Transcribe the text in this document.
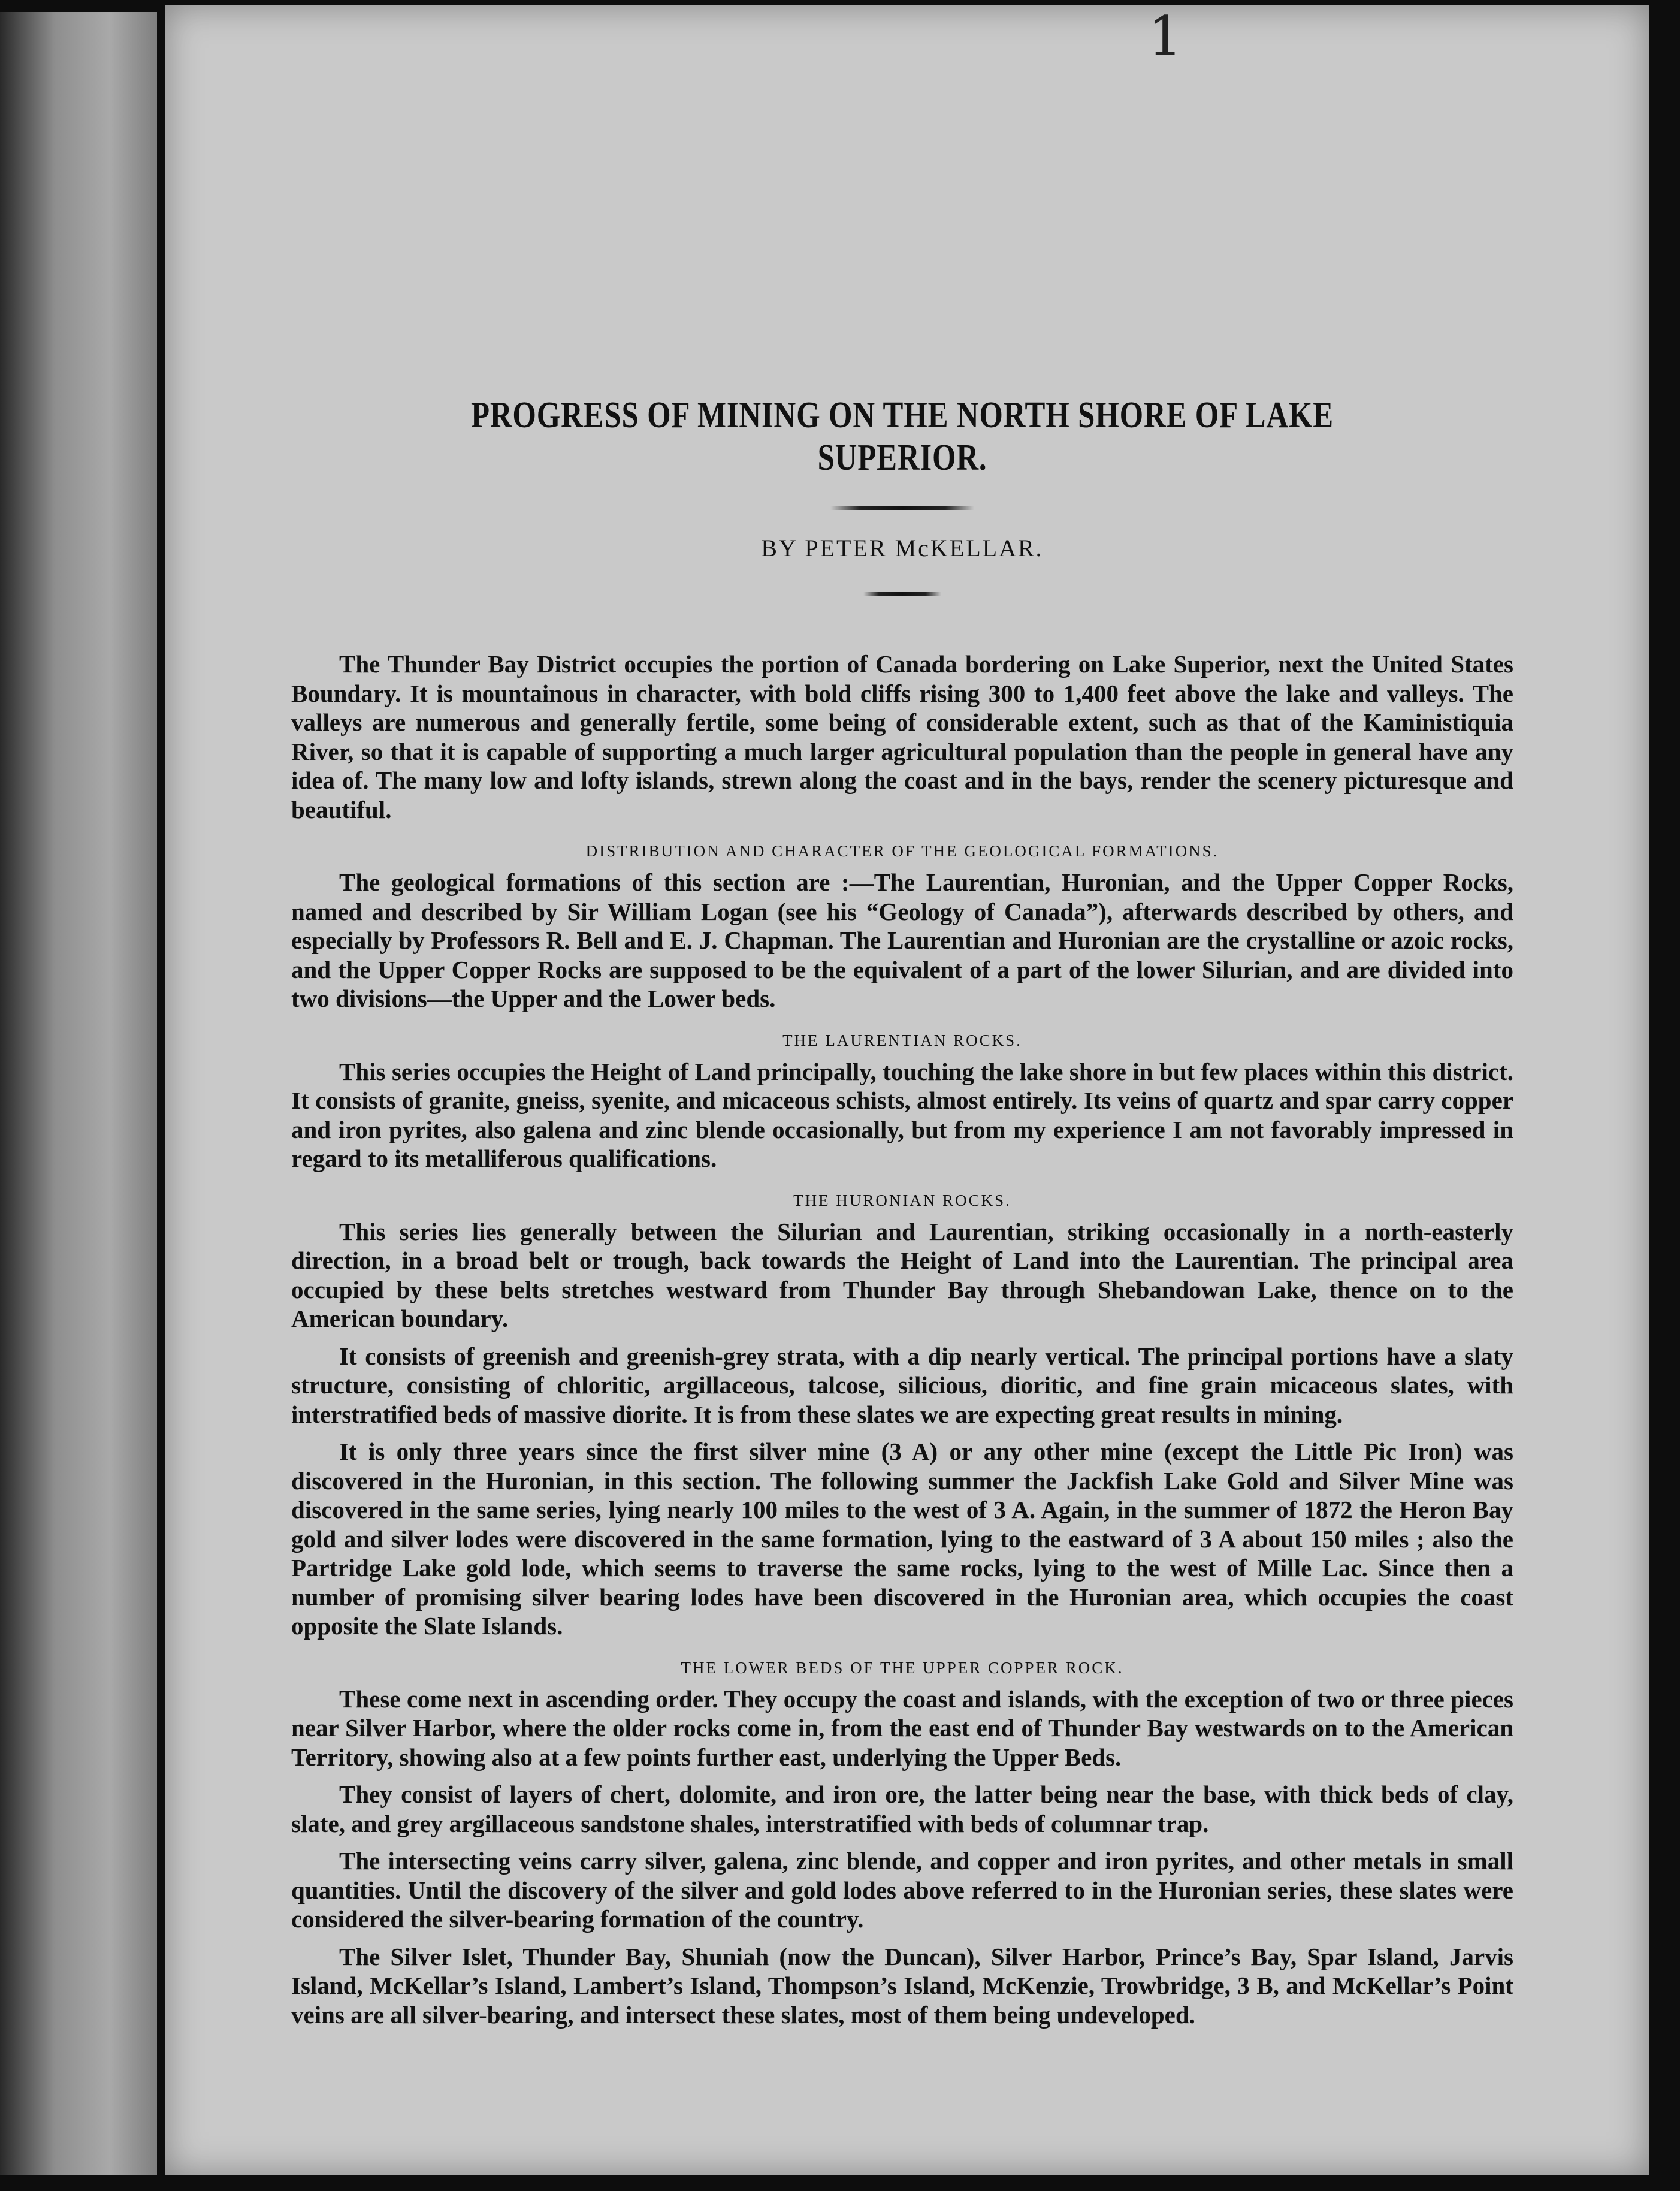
1
PROGRESS OF MINING ON THE NORTH SHORE OF LAKE SUPERIOR.

BY PETER McKELLAR.

The Thunder Bay District occupies the portion of Canada bordering on Lake Superior, next the United States Boundary. It is mountainous in character, with bold cliffs rising 300 to 1,400 feet above the lake and valleys. The valleys are numerous and generally fertile, some being of considerable extent, such as that of the Kaministiquia River, so that it is capable of supporting a much larger agricultural population than the people in general have any idea of. The many low and lofty islands, strewn along the coast and in the bays, render the scenery picturesque and beautiful.

DISTRIBUTION AND CHARACTER OF THE GEOLOGICAL FORMATIONS.

The geological formations of this section are :—The Laurentian, Huronian, and the Upper Copper Rocks, named and described by Sir William Logan (see his “Geology of Canada”), afterwards described by others, and especially by Professors R. Bell and E. J. Chapman. The Laurentian and Huronian are the crystalline or azoic rocks, and the Upper Copper Rocks are supposed to be the equivalent of a part of the lower Silurian, and are divided into two divisions—the Upper and the Lower beds.

THE LAURENTIAN ROCKS.

This series occupies the Height of Land principally, touching the lake shore in but few places within this district. It consists of granite, gneiss, syenite, and micaceous schists, almost entirely. Its veins of quartz and spar carry copper and iron pyrites, also galena and zinc blende occasionally, but from my experience I am not favorably impressed in regard to its metalliferous qualifications.

THE HURONIAN ROCKS.

This series lies generally between the Silurian and Laurentian, striking occasionally in a north-easterly direction, in a broad belt or trough, back towards the Height of Land into the Laurentian. The principal area occupied by these belts stretches westward from Thunder Bay through Shebandowan Lake, thence on to the American boundary.

It consists of greenish and greenish-grey strata, with a dip nearly vertical. The principal portions have a slaty structure, consisting of chloritic, argillaceous, talcose, silicious, dioritic, and fine grain micaceous slates, with interstratified beds of massive diorite. It is from these slates we are expecting great results in mining.

It is only three years since the first silver mine (3 A) or any other mine (except the Little Pic Iron) was discovered in the Huronian, in this section. The following summer the Jackfish Lake Gold and Silver Mine was discovered in the same series, lying nearly 100 miles to the west of 3 A. Again, in the summer of 1872 the Heron Bay gold and silver lodes were discovered in the same formation, lying to the eastward of 3 A about 150 miles ; also the Partridge Lake gold lode, which seems to traverse the same rocks, lying to the west of Mille Lac. Since then a number of promising silver bearing lodes have been discovered in the Huronian area, which occupies the coast opposite the Slate Islands.

THE LOWER BEDS OF THE UPPER COPPER ROCK.

These come next in ascending order. They occupy the coast and islands, with the exception of two or three pieces near Silver Harbor, where the older rocks come in, from the east end of Thunder Bay westwards on to the American Territory, showing also at a few points further east, underlying the Upper Beds.

They consist of layers of chert, dolomite, and iron ore, the latter being near the base, with thick beds of clay, slate, and grey argillaceous sandstone shales, interstratified with beds of columnar trap.

The intersecting veins carry silver, galena, zinc blende, and copper and iron pyrites, and other metals in small quantities. Until the discovery of the silver and gold lodes above referred to in the Huronian series, these slates were considered the silver-bearing formation of the country.

The Silver Islet, Thunder Bay, Shuniah (now the Duncan), Silver Harbor, Prince’s Bay, Spar Island, Jarvis Island, McKellar’s Island, Lambert’s Island, Thompson’s Island, McKenzie, Trowbridge, 3 B, and McKellar’s Point veins are all silver-bearing, and intersect these slates, most of them being undeveloped.
